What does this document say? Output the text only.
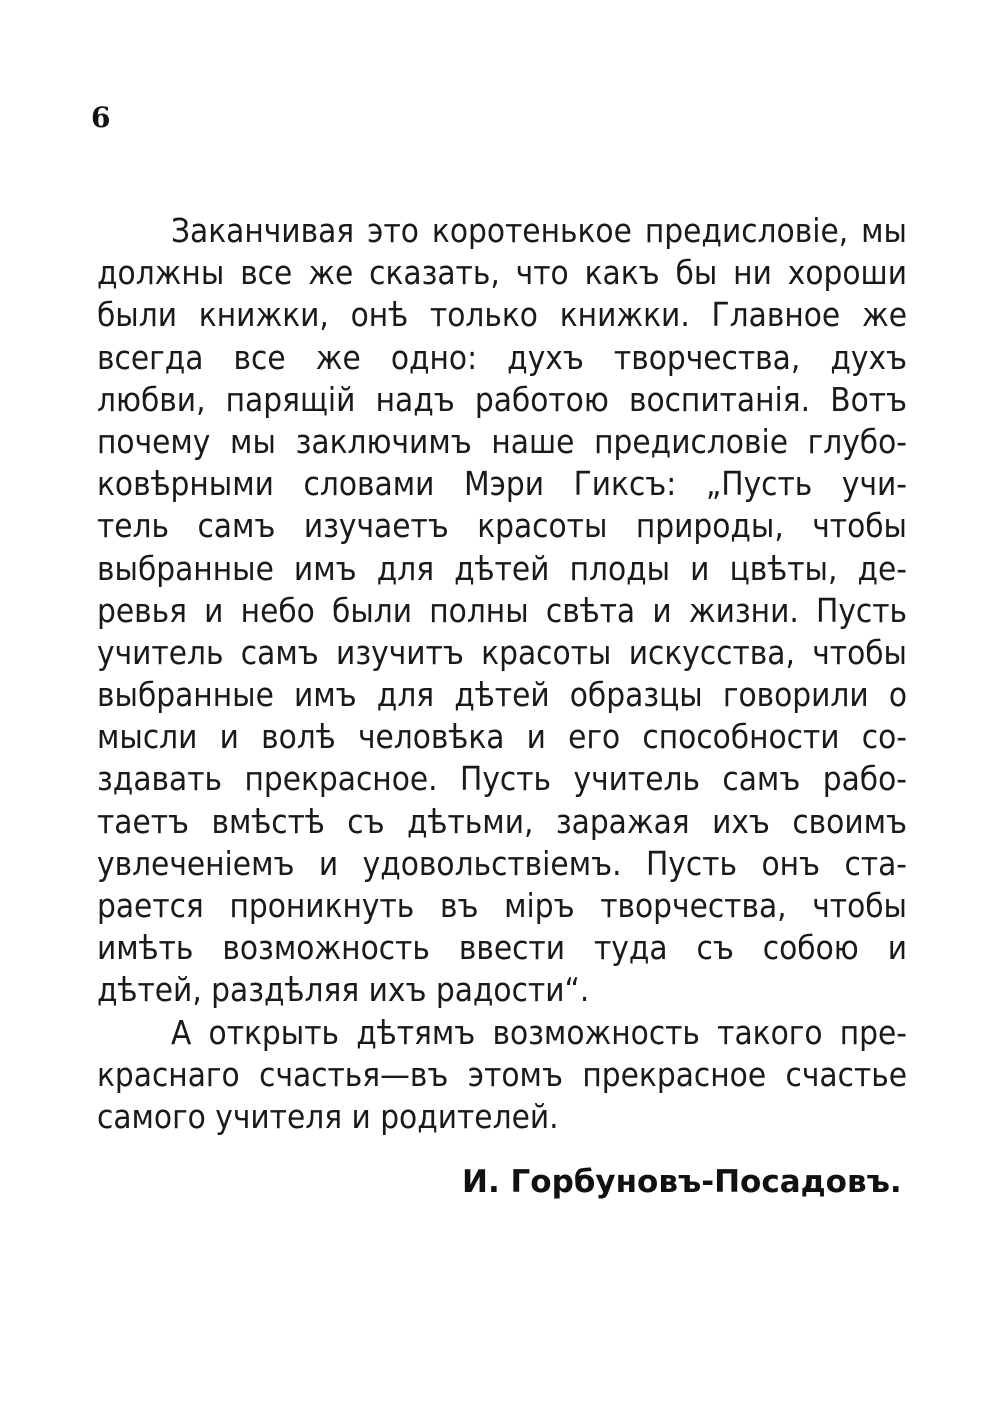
6
Заканчивая это коротенькое предисловіе, мы
должны все же сказать, что какъ бы ни хороши
были книжки, онѣ только книжки. Главное же
всегда все же одно: духъ творчества, духъ
любви, парящій надъ работою воспитанія. Вотъ
почему мы заключимъ наше предисловіе глубо-
ковѣрными словами Мэри Гиксъ: „Пусть учи-
тель самъ изучаетъ красоты природы, чтобы
выбранные имъ для дѣтей плоды и цвѣты, де-
ревья и небо были полны свѣта и жизни. Пусть
учитель самъ изучитъ красоты искусства, чтобы
выбранные имъ для дѣтей образцы говорили о
мысли и волѣ человѣка и его способности со-
здавать прекрасное. Пусть учитель самъ рабо-
таетъ вмѣстѣ съ дѣтьми, заражая ихъ своимъ
увлеченіемъ и удовольствіемъ. Пусть онъ ста-
рается проникнуть въ міръ творчества, чтобы
имѣть возможность ввести туда съ собою и
дѣтей, раздѣляя ихъ радости“.
А открыть дѣтямъ возможность такого пре-
краснаго счастья—въ этомъ прекрасное счастье
самого учителя и родителей.
И. Горбуновъ-Посадовъ.
